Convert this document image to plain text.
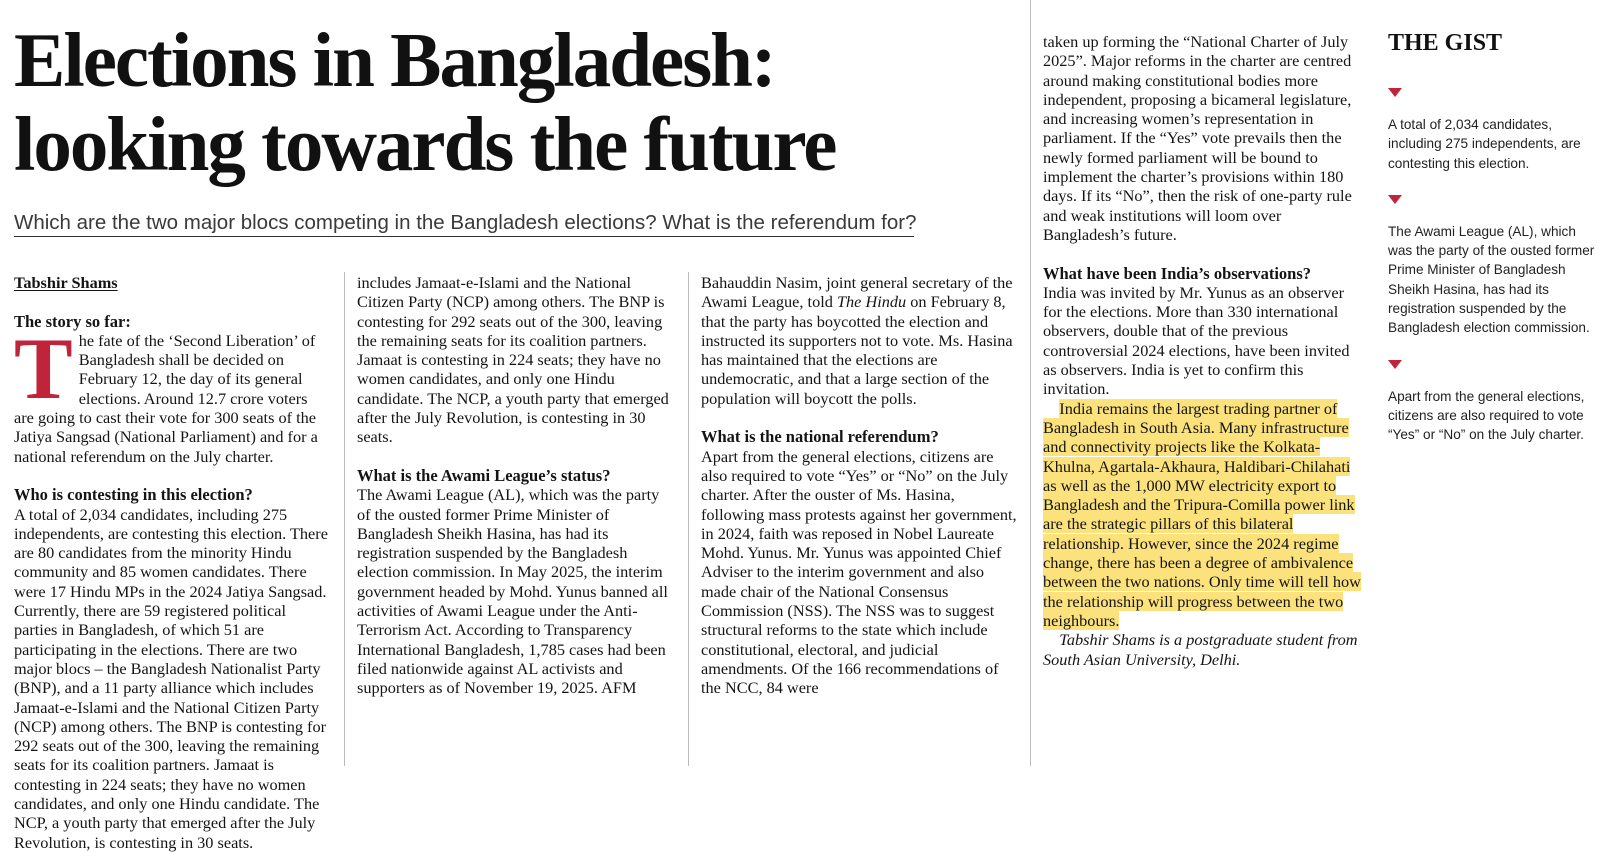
Elections in Bangladesh:
looking towards the future
Which are the two major blocs competing in the Bangladesh elections? What is the referendum for?

Tabshir Shams

The story so far:

The fate of the ‘Second Liberation’ of Bangladesh shall be decided on February 12, the day of its general elections. Around 12.7 crore voters are going to cast their vote for 300 seats of the Jatiya Sangsad (National Parliament) and for a national referendum on the July charter.

Who is contesting in this election?

A total of 2,034 candidates, including 275 independents, are contesting this election. There are 80 candidates from the minority Hindu community and 85 women candidates. There were 17 Hindu MPs in the 2024 Jatiya Sangsad. Currently, there are 59 registered political parties in Bangladesh, of which 51 are participating in the elections. There are two major blocs – the Bangladesh Nationalist Party (BNP), and a 11 party alliance which includes Jamaat-e-Islami and the National Citizen Party (NCP) among others. The BNP is contesting for 292 seats out of the 300, leaving the remaining seats for its coalition partners. Jamaat is contesting in 224 seats; they have no women candidates, and only one Hindu candidate. The NCP, a youth party that emerged after the July Revolution, is contesting in 30 seats.

includes Jamaat-e-Islami and the National Citizen Party (NCP) among others. The BNP is contesting for 292 seats out of the 300, leaving the remaining seats for its coalition partners. Jamaat is contesting in 224 seats; they have no women candidates, and only one Hindu candidate. The NCP, a youth party that emerged after the July Revolution, is contesting in 30 seats.

What is the Awami League’s status?

The Awami League (AL), which was the party of the ousted former Prime Minister of Bangladesh Sheikh Hasina, has had its registration suspended by the Bangladesh election commission. In May 2025, the interim government headed by Mohd. Yunus banned all activities of Awami League under the Anti-Terrorism Act. According to Transparency International Bangladesh, 1,785 cases had been filed nationwide against AL activists and supporters as of November 19, 2025. AFM

Bahauddin Nasim, joint general secretary of the Awami League, told The Hindu on February 8, that the party has boycotted the election and instructed its supporters not to vote. Ms. Hasina has maintained that the elections are undemocratic, and that a large section of the population will boycott the polls.

What is the national referendum?

Apart from the general elections, citizens are also required to vote “Yes” or “No” on the July charter. After the ouster of Ms. Hasina, following mass protests against her government, in 2024, faith was reposed in Nobel Laureate Mohd. Yunus. Mr. Yunus was appointed Chief Adviser to the interim government and also made chair of the National Consensus Commission (NSS). The NSS was to suggest structural reforms to the state which include constitutional, electoral, and judicial amendments. Of the 166 recommendations of the NCC, 84 were

taken up forming the “National Charter of July 2025”. Major reforms in the charter are centred around making constitutional bodies more independent, proposing a bicameral legislature, and increasing women’s representation in parliament. If the “Yes” vote prevails then the newly formed parliament will be bound to implement the charter’s provisions within 180 days. If its “No”, then the risk of one-party rule and weak institutions will loom over Bangladesh’s future.

What have been India’s observations?

India was invited by Mr. Yunus as an observer for the elections. More than 330 international observers, double that of the previous controversial 2024 elections, have been invited as observers. India is yet to confirm this invitation.

India remains the largest trading partner of Bangladesh in South Asia. Many infrastructure and connectivity projects like the Kolkata-Khulna, Agartala-Akhaura, Haldibari-Chilahati as well as the 1,000 MW electricity export to Bangladesh and the Tripura-Comilla power link are the strategic pillars of this bilateral relationship. However, since the 2024 regime change, there has been a degree of ambivalence between the two nations. Only time will tell how the relationship will progress between the two neighbours.

Tabshir Shams is a postgraduate student from South Asian University, Delhi.

THE GIST
A total of 2,034 candidates, including 275 independents, are contesting this election.
The Awami League (AL), which was the party of the ousted former Prime Minister of Bangladesh Sheikh Hasina, has had its registration suspended by the Bangladesh election commission.
Apart from the general elections, citizens are also required to vote “Yes” or “No” on the July charter.
